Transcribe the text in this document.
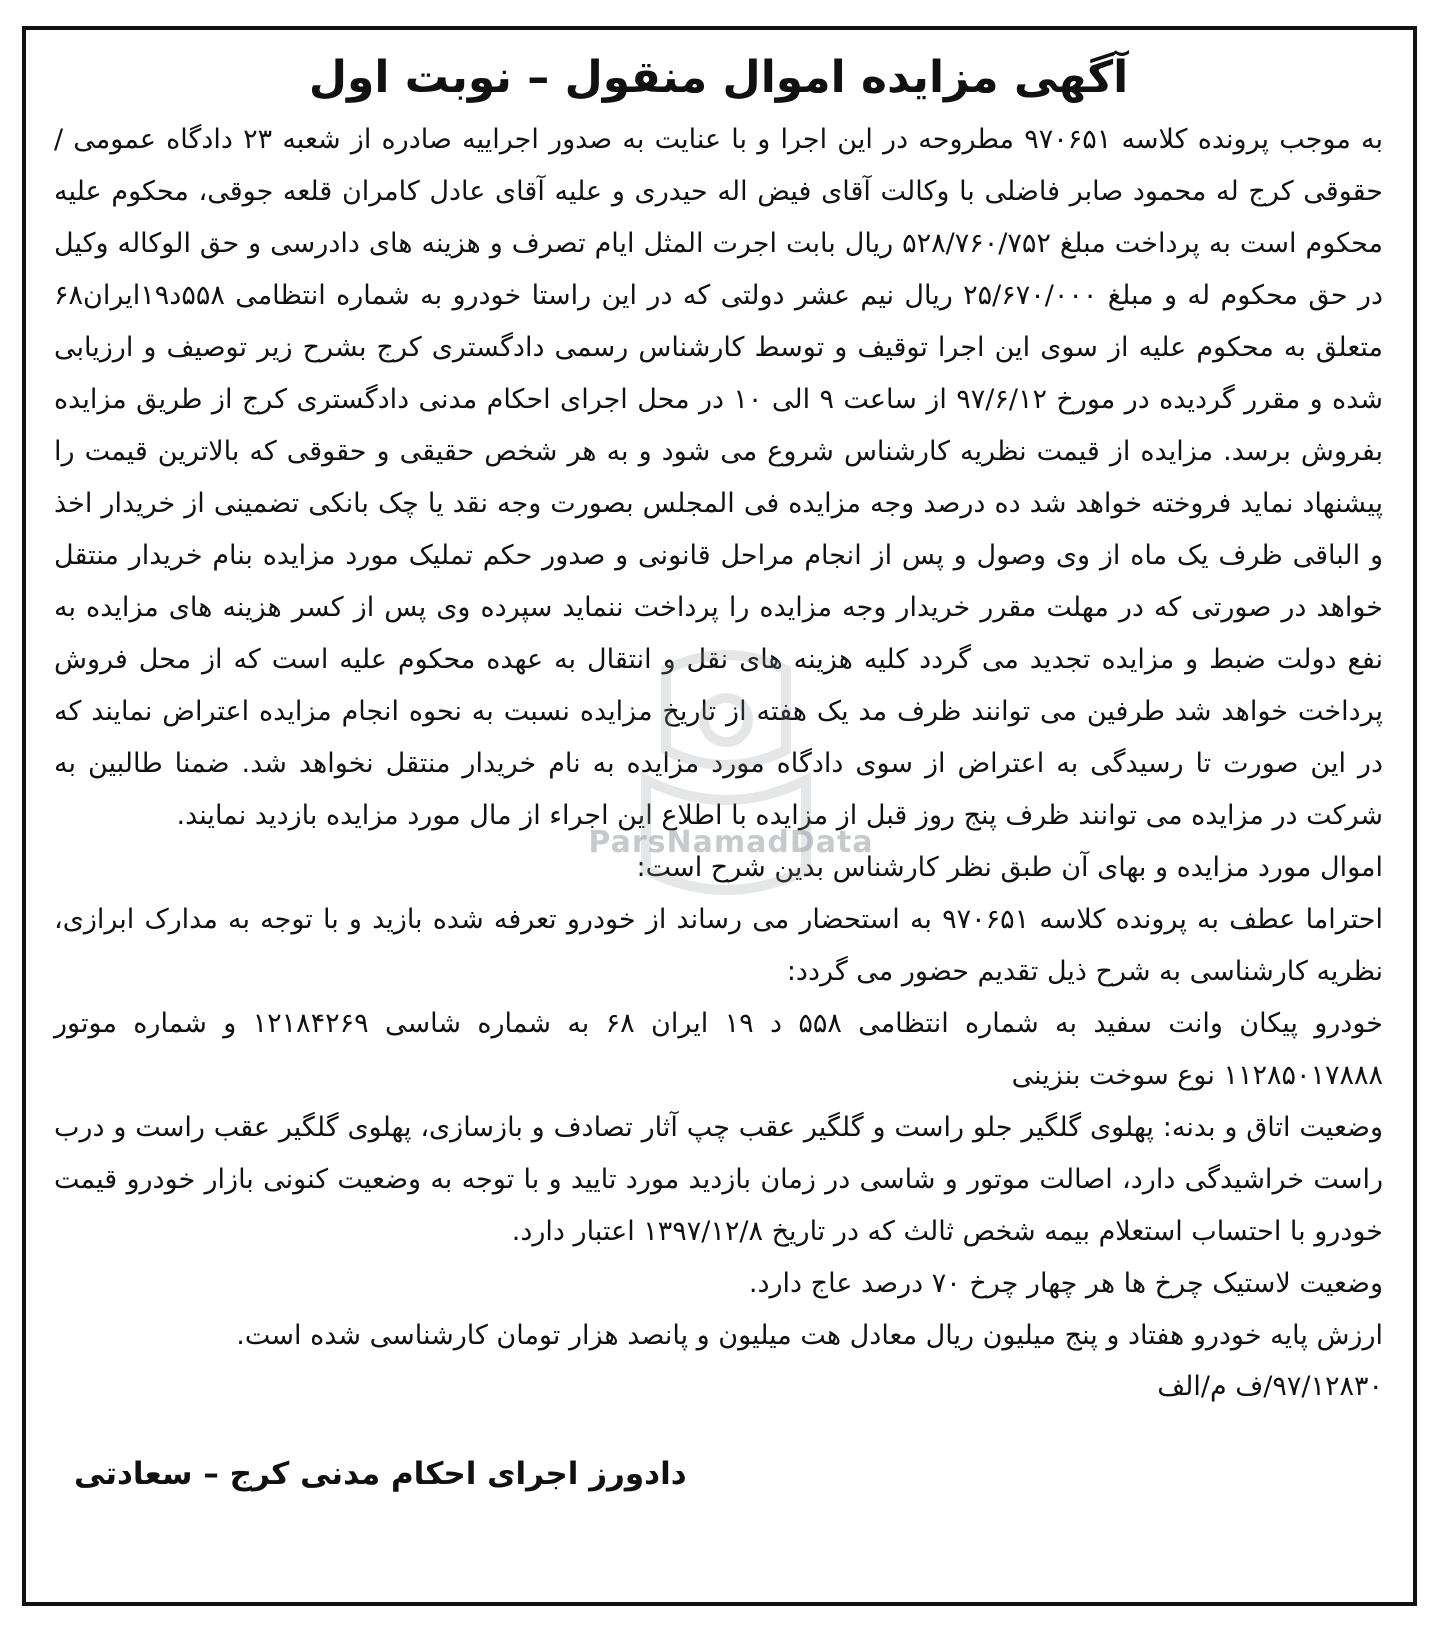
آگهی مزایده اموال منقول – نوبت اول

به موجب پرونده کلاسه ۹۷۰۶۵۱ مطروحه در این اجرا و با عنایت به صدور اجراییه صادره از شعبه ۲۳ دادگاه عمومی /حقوقی کرج له محمود صابر فاضلی با وکالت آقای فیض اله حیدری و علیه آقای عادل کامران قلعه جوقی، محکوم علیه محکوم است به پرداخت مبلغ ۵۲۸/۷۶۰/۷۵۲ ریال بابت اجرت المثل ایام تصرف و هزینه های دادرسی و حق الوکاله وکیل در حق محکوم له و مبلغ ۲۵/۶۷۰/۰۰۰ ریال نیم عشر دولتی که در این راستا خودرو به شماره انتظامی ۵۵۸د۱۹ایران۶۸ متعلق به محکوم علیه از سوی این اجرا توقیف و توسط کارشناس رسمی دادگستری کرج بشرح زیر توصیف و ارزیابی شده و مقرر گردیده در مورخ ۹۷/۶/۱۲ از ساعت ۹ الی ۱۰ در محل اجرای احکام مدنی دادگستری کرج از طریق مزایده بفروش برسد. مزایده از قیمت نظریه کارشناس شروع می شود و به هر شخص حقیقی و حقوقی که بالاترین قیمت را پیشنهاد نماید فروخته خواهد شد ده درصد وجه مزایده فی المجلس بصورت وجه نقد یا چک بانکی تضمینی از خریدار اخذ و الباقی ظرف یک ماه از وی وصول و پس از انجام مراحل قانونی و صدور حکم تملیک مورد مزایده بنام خریدار منتقل خواهد در صورتی که در مهلت مقرر خریدار وجه مزایده را پرداخت ننماید سپرده وی پس از کسر هزینه های مزایده به نفع دولت ضبط و مزایده تجدید می گردد کلیه هزینه های نقل و انتقال به عهده محکوم علیه است که از محل فروش پرداخت خواهد شد طرفین می توانند ظرف مد یک هفته از تاریخ مزایده نسبت به نحوه انجام مزایده اعتراض نمایند که در این صورت تا رسیدگی به اعتراض از سوی دادگاه مورد مزایده به نام خریدار منتقل نخواهد شد. ضمنا طالبین به شرکت در مزایده می توانند ظرف پنج روز قبل از مزایده با اطلاع این اجراء از مال مورد مزایده بازدید نمایند.

اموال مورد مزایده و بهای آن طبق نظر کارشناس بدین شرح است:

احتراما عطف به پرونده کلاسه ۹۷۰۶۵۱ به استحضار می رساند از خودرو تعرفه شده بازید و با توجه به مدارک ابرازی، نظریه کارشناسی به شرح ذیل تقدیم حضور می گردد:

خودرو پیکان وانت سفید به شماره انتظامی ۵۵۸ د ۱۹ ایران ۶۸ به شماره شاسی ۱۲۱۸۴۲۶۹ و شماره موتور ۱۱۲۸۵۰۱۷۸۸۸ نوع سوخت بنزینی

وضعیت اتاق و بدنه: پهلوی گلگیر جلو راست و گلگیر عقب چپ آثار تصادف و بازسازی، پهلوی گلگیر عقب راست و درب راست خراشیدگی دارد، اصالت موتور و شاسی در زمان بازدید مورد تایید و با توجه به وضعیت کنونی بازار خودرو قیمت خودرو با احتساب استعلام بیمه شخص ثالث که در تاریخ ۱۳۹۷/۱۲/۸ اعتبار دارد.

وضعیت لاستیک چرخ ها هر چهار چرخ ۷۰ درصد عاج دارد.

ارزش پایه خودرو هفتاد و پنج میلیون ریال معادل هت میلیون و پانصد هزار تومان کارشناسی شده است.

۹۷/۱۲۸۳۰/ف م/الف

دادورز اجرای احکام مدنی کرج – سعادتی
ParsNamadData
